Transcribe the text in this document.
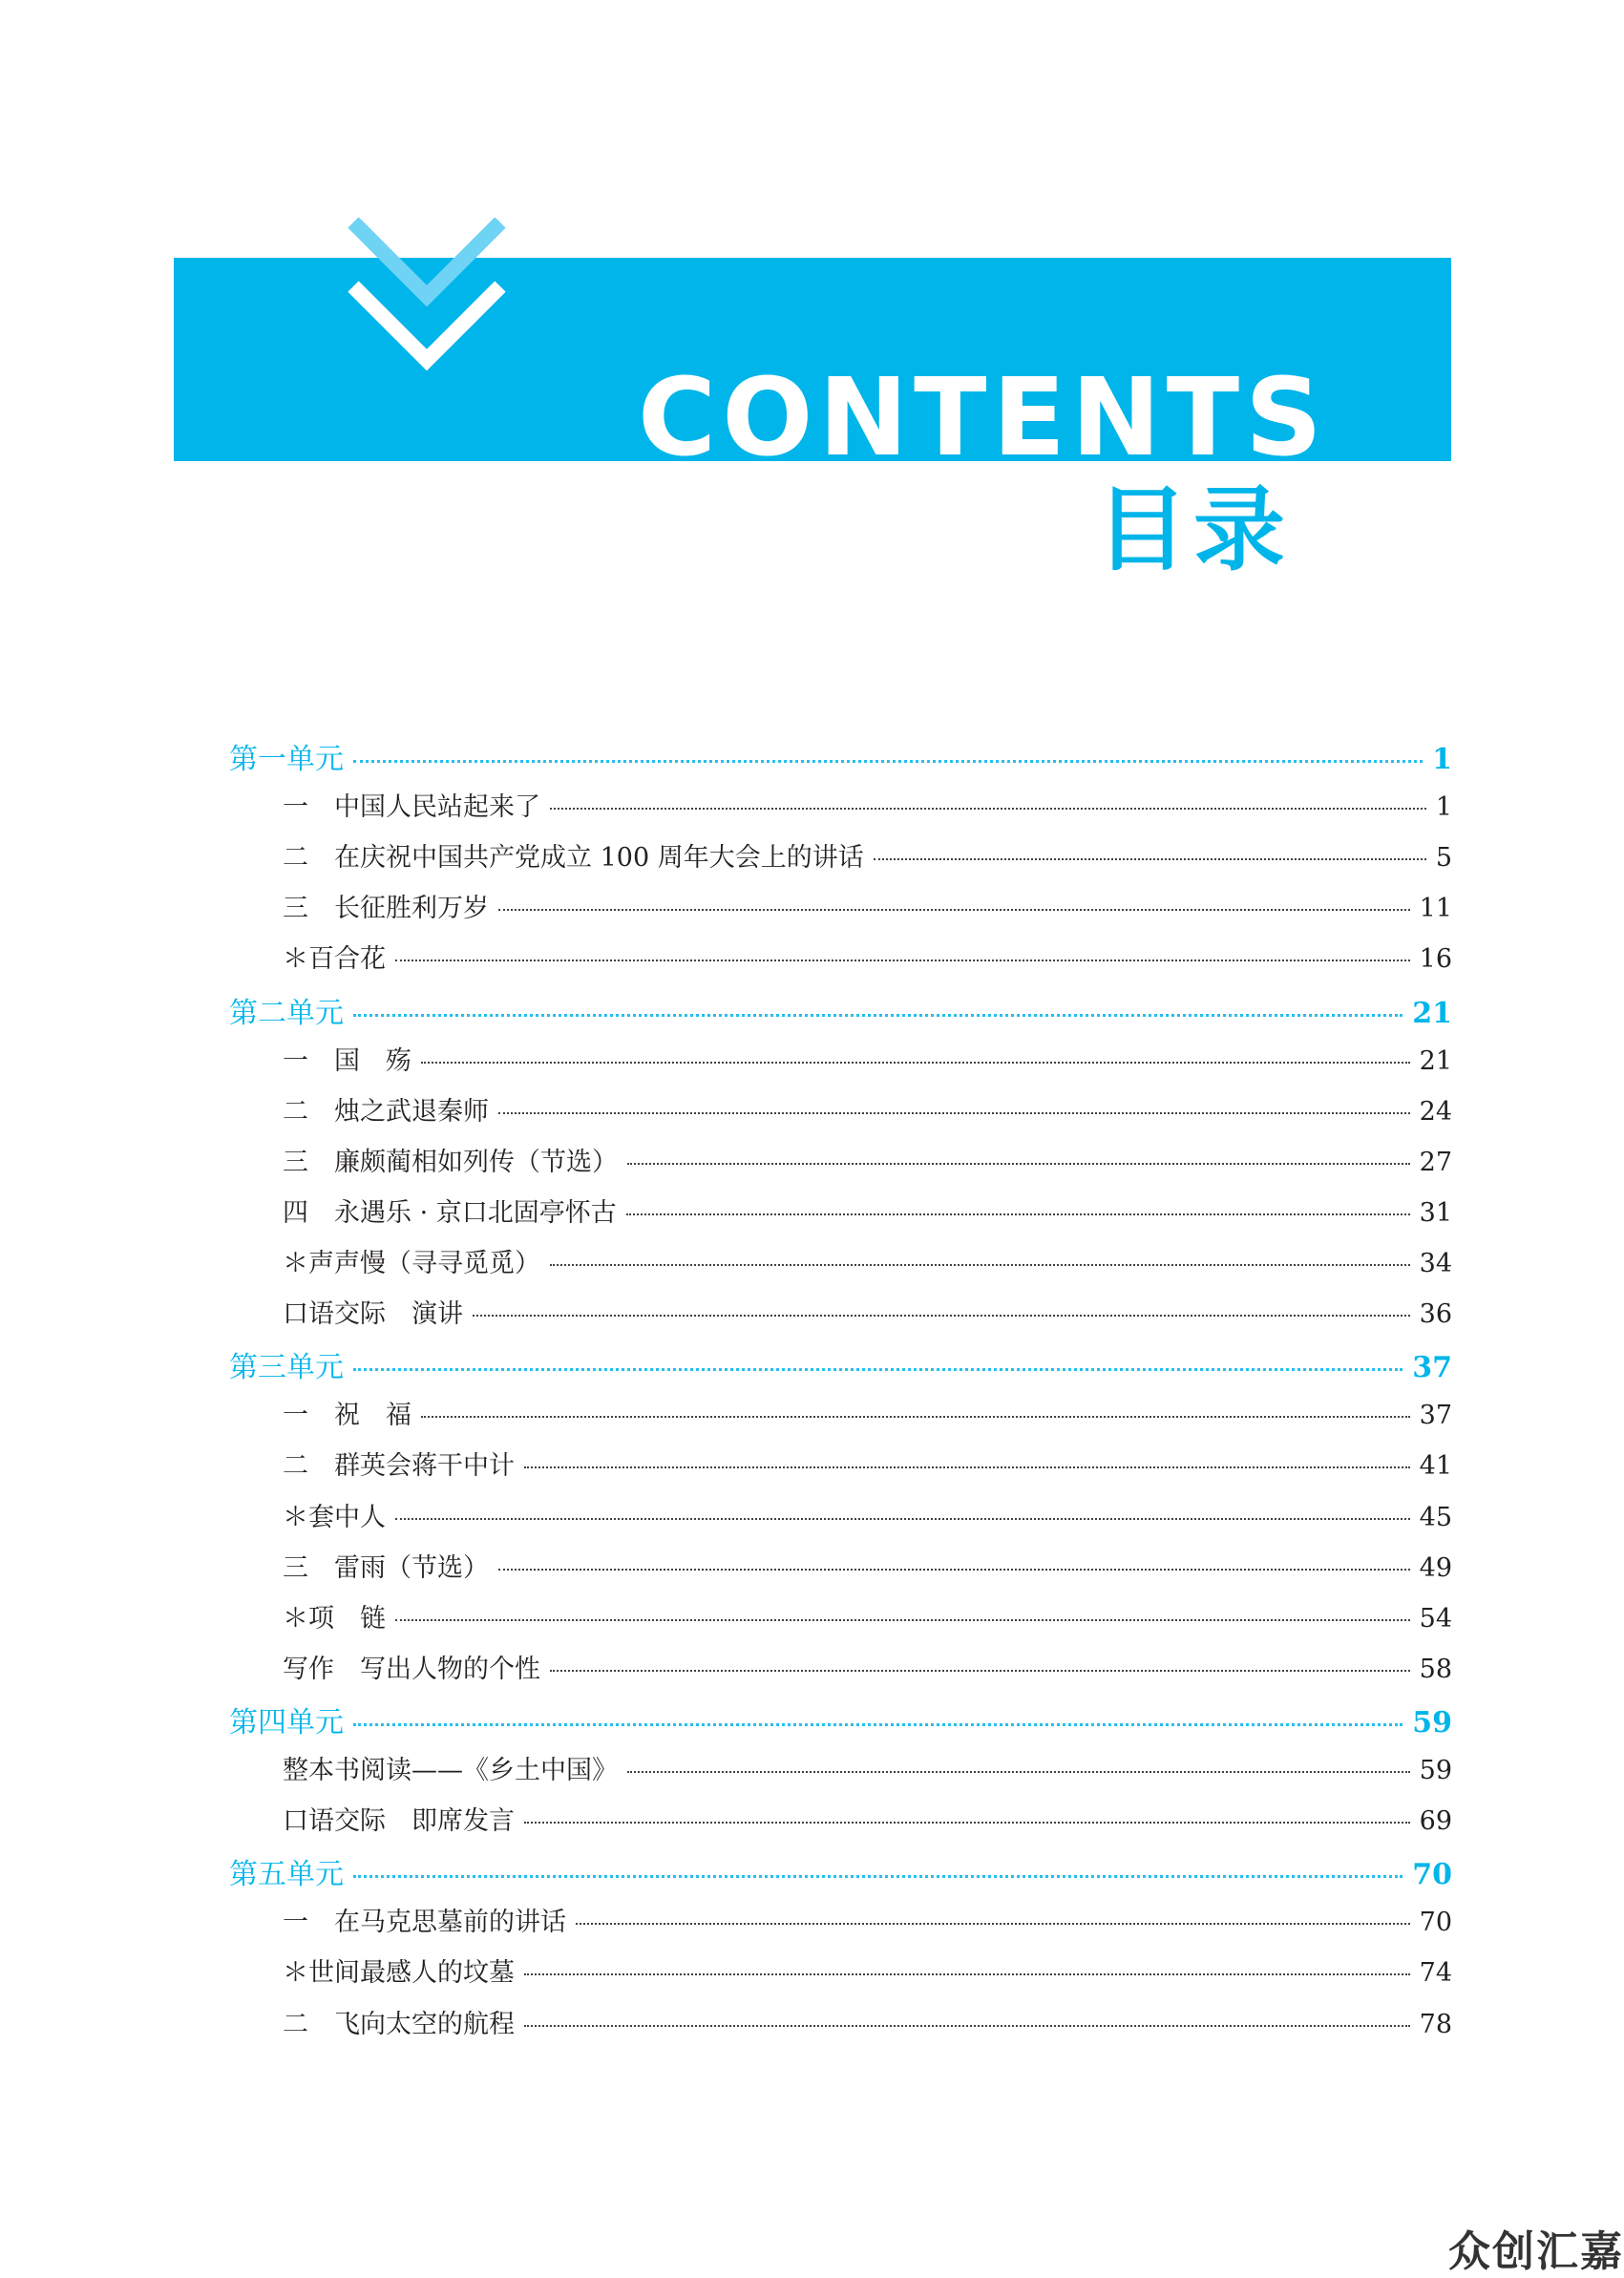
CONTENTS
目录
第一单元	1
一　中国人民站起来了	1
二　在庆祝中国共产党成立 100 周年大会上的讲话	5
三　长征胜利万岁	11
＊百合花	16
第二单元	21
一　国　殇	21
二　烛之武退秦师	24
三　廉颇蔺相如列传（节选）	27
四　永遇乐 · 京口北固亭怀古	31
＊声声慢（寻寻觅觅）	34
口语交际　演讲	36
第三单元	37
一　祝　福	37
二　群英会蒋干中计	41
＊套中人	45
三　雷雨（节选）	49
＊项　链	54
写作　写出人物的个性	58
第四单元	59
整本书阅读——《乡土中国》	59
口语交际　即席发言	69
第五单元	70
一　在马克思墓前的讲话	70
＊世间最感人的坟墓	74
二　飞向太空的航程	78
众创汇嘉
